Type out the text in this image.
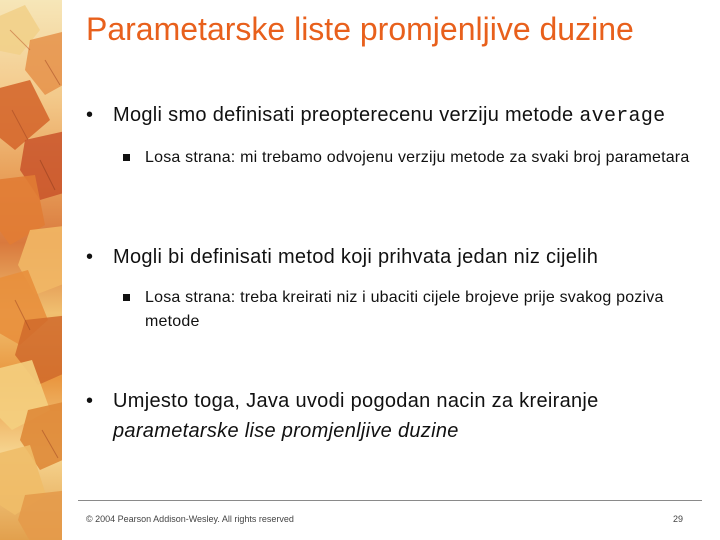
Parametarske liste promjenljive duzine
• Mogli smo definisati preopterecenu verziju metode average
Losa strana: mi trebamo odvojenu verziju metode za svaki broj parametara
• Mogli bi definisati metod koji prihvata jedan niz cijelih
Losa strana: treba kreirati niz i ubaciti cijele brojeve prije svakog poziva metode
• Umjesto toga, Java uvodi pogodan nacin za kreiranje parametarske lise promjenljive duzine
© 2004 Pearson Addison-Wesley. All rights reserved	29
